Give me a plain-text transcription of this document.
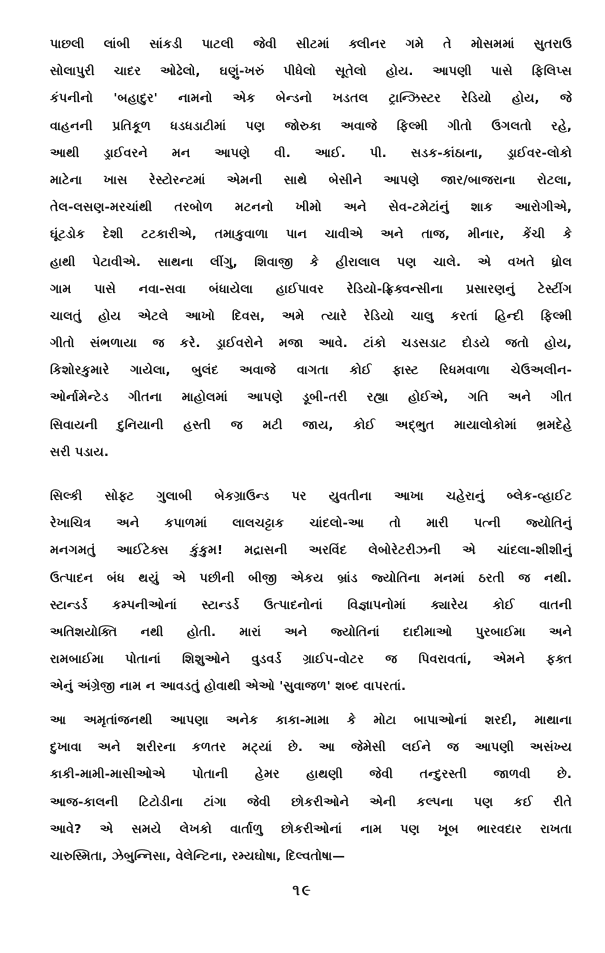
પાછલી લાંબી સાંકડી પાટલી જેવી સીટમાં ક્લીનર ગમે તે મોસમમાં સુતરાઉ
સોલાપુરી ચાદર ઓઢેલો, ઘણું-ખરું પીધેલો સૂતેલો હોય. આપણી પાસે ફિલિપ્સ
કંપનીનો 'બહાદુર' નામનો એક બેન્ડનો ખડતલ ટ્રાન્ઝિસ્ટર રેડિયો હોય, જે
વાહનની પ્રતિકૂળ ધડધડાટીમાં પણ જોરુકા અવાજે ફિલ્મી ગીતો ઉગલતો રહે,
આથી ડ્રાઈવરને મન આપણે વી. આઈ. પી. સડક-કાંઠાના, ડ્રાઈવર-લોકો
માટેના ખાસ રેસ્ટોરન્ટમાં એમની સાથે બેસીને આપણે જાર/બાજરાના રોટલા,
તેલ-લસણ-મરચાંથી તરબોળ મટનનો ખીમો અને સેવ-ટમેટાંનું શાક આરોગીએ,
ઘૂંટડોક દેશી ટટકારીએ, તમાકુવાળા પાન ચાવીએ અને તાજ, મીનાર, કેંચી કે
હાથી પેટાવીએ. સાથના લીંગુ, શિવાજી કે હીરાલાલ પણ ચાલે. એ વખતે ધ્રોલ
ગામ પાસે નવા-સવા બંધાયેલા હાઈપાવર રેડિયો-ફ્રિક્વન્સીના પ્રસારણનું ટેસ્ટીંગ
ચાલતું હોય એટલે આખો દિવસ, અમે ત્યારે રેડિયો ચાલુ કરતાં હિન્દી ફિલ્મી
ગીતો સંભળાયા જ કરે. ડ્રાઈવરોને મજા આવે. ટાંકો ચડસડાટ દોડયે જતો હોય,
કિશોરકુમારે ગાયેલા, બુલંદ અવાજે વાગતા કોઈ ફાસ્ટ રિધમવાળા ચેઉઅલીન-
ઓર્નામેન્ટેડ ગીતના માહોલમાં આપણે ડૂબી-તરી રહ્યા હોઈએ, ગતિ અને ગીત
સિવાયની દુનિયાની હસ્તી જ મટી જાય, કોઈ અદ્ભુત માયાલોકોમાં ભ્રમદેહે
સરી પડાય.
સિલ્કી સોફ્ટ ગુલાબી બેકગ્રાઉન્ડ પર યુવતીના આખા ચહેરાનું બ્લેક-વ્હાઈટ
રેખાચિત્ર અને કપાળમાં લાલચટ્ટાક ચાંદલો-આ તો મારી પત્ની જ્યોતિનું
મનગમતું આઈટેક્સ કુંકુમ! મદ્રાસની અરવિંદ લેબોરેટરીઝની એ ચાંદલા-શીશીનું
ઉત્પાદન બંધ થયું એ પછીની બીજી એકય બ્રાંડ જ્યોતિના મનમાં ઠરતી જ નથી.
સ્ટાન્ડર્ડ કમ્પનીઓનાં સ્ટાન્ડર્ડ ઉત્પાદનોનાં વિજ્ઞાપનોમાં ક્યારેય કોઈ વાતની
અતિશયોક્તિ નથી હોતી. મારાં અને જ્યોતિનાં દાદીમાઓ પુરબાઈમા અને
રામબાઈમા પોતાનાં શિશુઓને વુડવર્ડ ગ્રાઈપ-વોટર જ પિવરાવતાં, એમને ફક્ત
એનું અંગ્રેજી નામ ન આવડતું હોવાથી એઓ 'સુવાજળ' શબ્દ વાપરતાં.
આ અમૃતાંજનથી આપણા અનેક કાકા-મામા કે મોટા બાપાઓનાં શરદી, માથાના
દુખાવા અને શરીરના કળતર મટ્યાં છે. આ જેમેસી લઈને જ આપણી અસંખ્ય
કાકી-મામી-માસીઓએ પોતાની હેમર હાથણી જેવી તન્દુરસ્તી જાળવી છે.
આજ-કાલની ટિટોડીના ટાંગા જેવી છોકરીઓને એની કલ્પના પણ કઈ રીતે
આવે? એ સમયે લેખકો વાર્તાળુ છોકરીઓનાં નામ પણ ખૂબ ભારવદાર રાખતા
ચારુસ્મિતા, ઝેબુન્નિસા, વેલેન્ટિના, રમ્યઘોષા, દિલ્વતોષા—
૧૯
